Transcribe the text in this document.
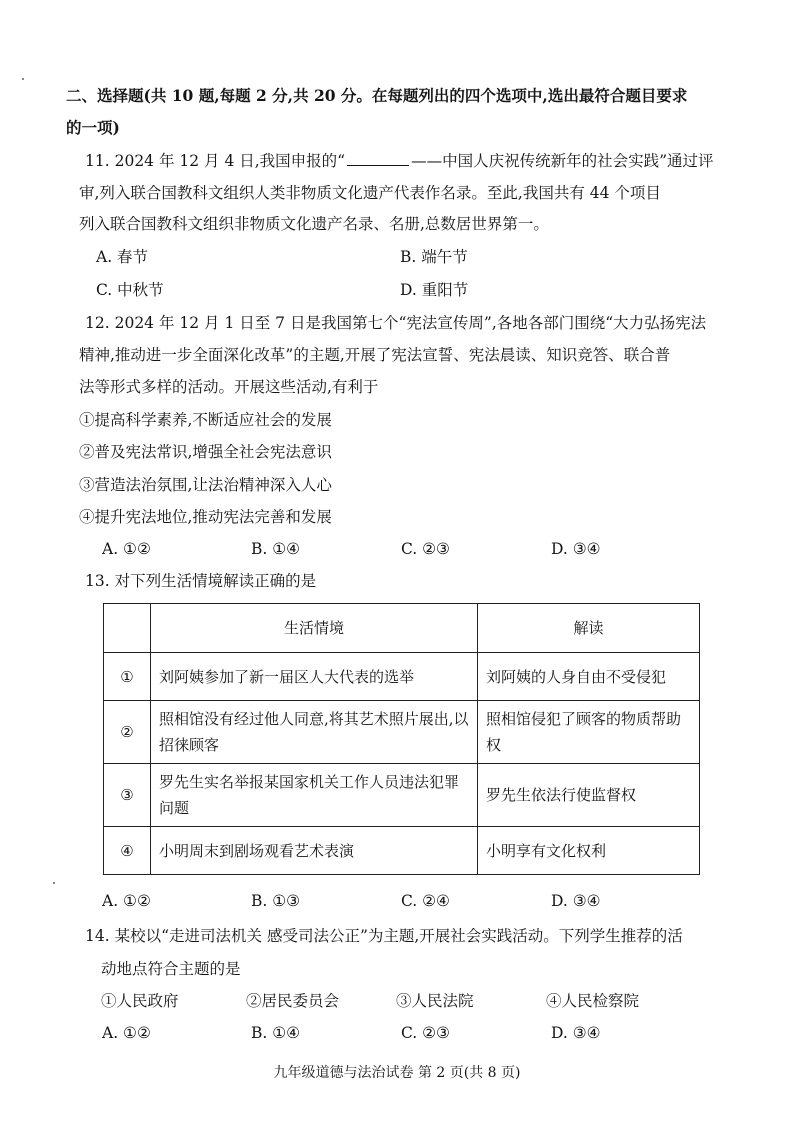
二、选择题(共 10 题,每题 2 分,共 20 分。在每题列出的四个选项中,选出最符合题目要求
的一项)
11. 2024 年 12 月 4 日,我国申报的“	——中国人庆祝传统新年的社会实践”通过评
审,列入联合国教科文组织人类非物质文化遗产代表作名录。至此,我国共有 44 个项目
列入联合国教科文组织非物质文化遗产名录、名册,总数居世界第一。
A. 春节	B. 端午节
C. 中秋节	D. 重阳节
12. 2024 年 12 月 1 日至 7 日是我国第七个“宪法宣传周”,各地各部门围绕“大力弘扬宪法
精神,推动进一步全面深化改革”的主题,开展了宪法宣誓、宪法晨读、知识竞答、联合普
法等形式多样的活动。开展这些活动,有利于
①提高科学素养,不断适应社会的发展
②普及宪法常识,增强全社会宪法意识
③营造法治氛围,让法治精神深入人心
④提升宪法地位,推动宪法完善和发展
A. ①②	B. ①④	C. ②③	D. ③④
13. 对下列生活情境解读正确的是
	生活情境	解读
①	刘阿姨参加了新一届区人大代表的选举	刘阿姨的人身自由不受侵犯
②	照相馆没有经过他人同意,将其艺术照片展出,以招徕顾客	照相馆侵犯了顾客的物质帮助权
③	罗先生实名举报某国家机关工作人员违法犯罪问题	罗先生依法行使监督权
④	小明周末到剧场观看艺术表演	小明享有文化权利
A. ①②	B. ①③	C. ②④	D. ③④
14. 某校以“走进司法机关 感受司法公正”为主题,开展社会实践活动。下列学生推荐的活
动地点符合主题的是
①人民政府	②居民委员会	③人民法院	④人民检察院
A. ①②	B. ①④	C. ②③	D. ③④
九年级道德与法治试卷 第 2 页(共 8 页)
